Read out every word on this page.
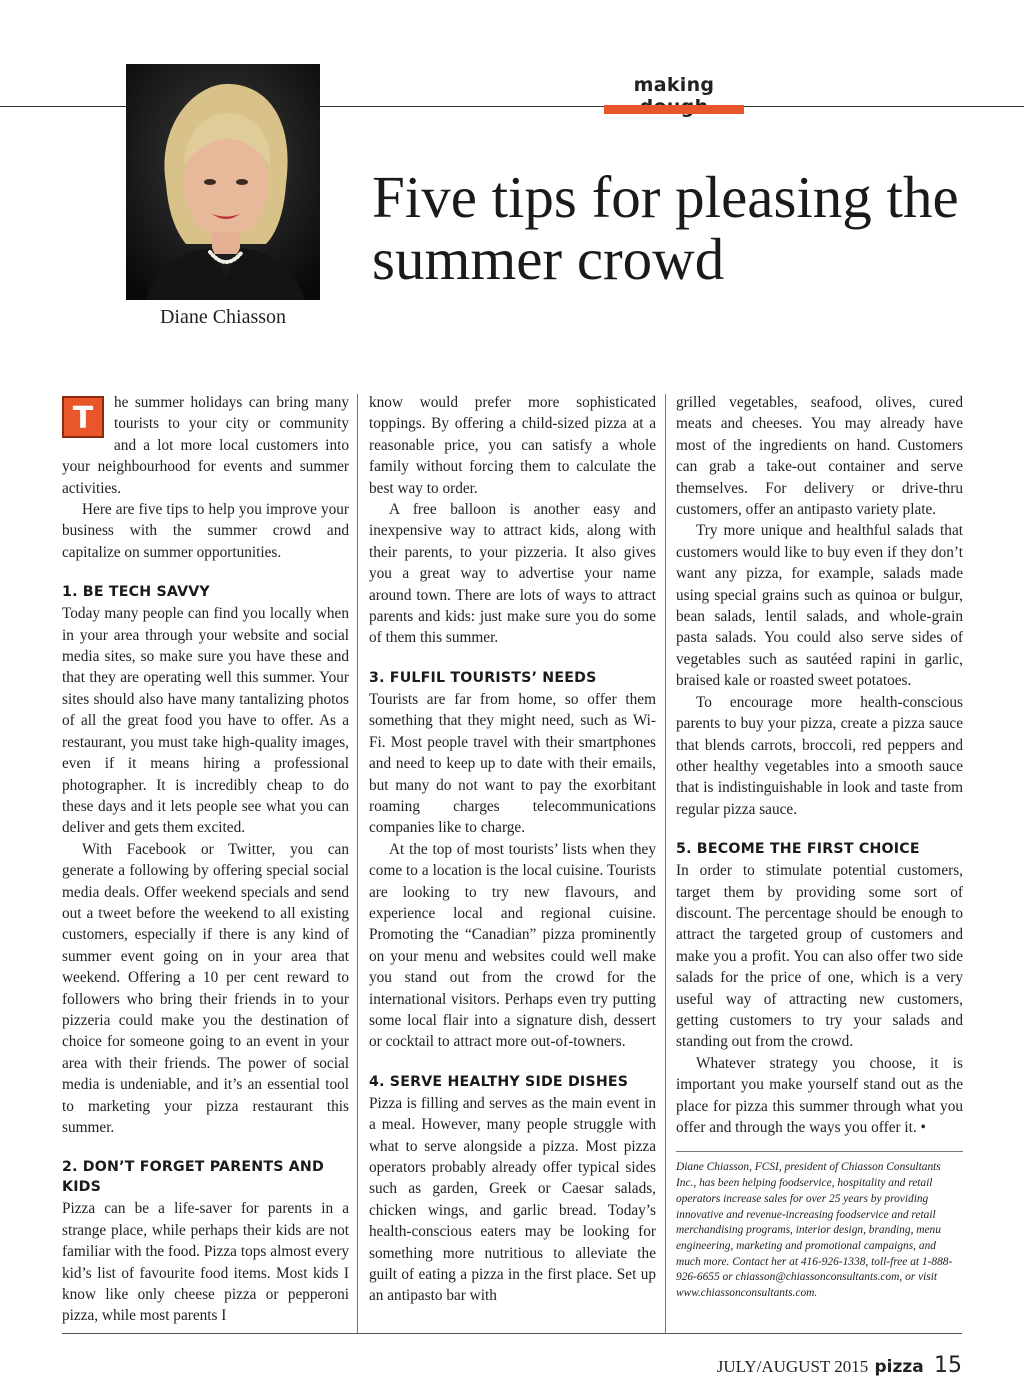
making
Diane Chiasson
Five tips for pleasing the summer crowd

T	he summer holidays can bring many tourists to your city or community and a lot more local customers into your neighbourhood for events and summer activities.

Here are five tips to help you improve your business with the summer crowd and capitalize on summer opportunities.

1. BE TECH SAVVY

Today many people can find you locally when in your area through your website and social media sites, so make sure you have these and that they are operating well this summer. Your sites should also have many tantalizing photos of all the great food you have to offer. As a restaurant, you must take high-quality images, even if it means hiring a professional photographer. It is incredibly cheap to do these days and it lets people see what you can deliver and gets them excited.

With Facebook or Twitter, you can generate a following by offering special social media deals. Offer weekend specials and send out a tweet before the weekend to all existing customers, especially if there is any kind of summer event going on in your area that weekend. Offering a 10 per cent reward to followers who bring their friends in to your pizzeria could make you the destination of choice for someone going to an event in your area with their friends. The power of social media is undeniable, and it’s an essential tool to marketing your pizza restaurant this summer.

2. DON’T FORGET PARENTS AND KIDS

Pizza can be a life-saver for parents in a strange place, while perhaps their kids are not familiar with the food. Pizza tops almost every kid’s list of favourite food items. Most kids I know like only cheese pizza or pepperoni pizza, while most parents I

know would prefer more sophisticated toppings. By offering a child-sized pizza at a reasonable price, you can satisfy a whole family without forcing them to calculate the best way to order.

A free balloon is another easy and inexpensive way to attract kids, along with their parents, to your pizzeria. It also gives you a great way to advertise your name around town. There are lots of ways to attract parents and kids: just make sure you do some of them this summer.

3. FULFIL TOURISTS’ NEEDS

Tourists are far from home, so offer them something that they might need, such as Wi-Fi. Most people travel with their smartphones and need to keep up to date with their emails, but many do not want to pay the exorbitant roaming charges telecommunications companies like to charge.

At the top of most tourists’ lists when they come to a location is the local cuisine. Tourists are looking to try new flavours, and experience local and regional cuisine. Promoting the “Canadian” pizza prominently on your menu and websites could well make you stand out from the crowd for the international visitors. Perhaps even try putting some local flair into a signature dish, dessert or cocktail to attract more out-of-towners.

4. SERVE HEALTHY SIDE DISHES

Pizza is filling and serves as the main event in a meal. However, many people struggle with what to serve alongside a pizza. Most pizza operators probably already offer typical sides such as garden, Greek or Caesar salads, chicken wings, and garlic bread. Today’s health-conscious eaters may be looking for something more nutritious to alleviate the guilt of eating a pizza in the first place. Set up an antipasto bar with

grilled vegetables, seafood, olives, cured meats and cheeses. You may already have most of the ingredients on hand. Customers can grab a take-out container and serve themselves. For delivery or drive-thru customers, offer an antipasto variety plate.

Try more unique and healthful salads that customers would like to buy even if they don’t want any pizza, for example, salads made using special grains such as quinoa or bulgur, bean salads, lentil salads, and whole-grain pasta salads. You could also serve sides of vegetables such as sautéed rapini in garlic, braised kale or roasted sweet potatoes.

To encourage more health-conscious parents to buy your pizza, create a pizza sauce that blends carrots, broccoli, red peppers and other healthy vegetables into a smooth sauce that is indistinguishable in look and taste from regular pizza sauce.

5. BECOME THE FIRST CHOICE

In order to stimulate potential customers, target them by providing some sort of discount. The percentage should be enough to attract the targeted group of customers and make you a profit. You can also offer two side salads for the price of one, which is a very useful way of attracting new customers, getting customers to try your salads and standing out from the crowd.

Whatever strategy you choose, it is important you make yourself stand out as the place for pizza this summer through what you offer and through the ways you offer it. •

Diane Chiasson, FCSI, president of Chiasson Consultants Inc., has been helping foodservice, hospitality and retail operators increase sales for over 25 years by providing innovative and revenue-increasing foodservice and retail merchandising programs, interior design, branding, menu engineering, marketing and promotional campaigns, and much more. Contact her at 416-926-1338, toll-free at 1-888-926-6655 or chiasson@chiassonconsultants.com, or visit www.chiassonconsultants.com.
JULY/AUGUST 2015 pizza 15
